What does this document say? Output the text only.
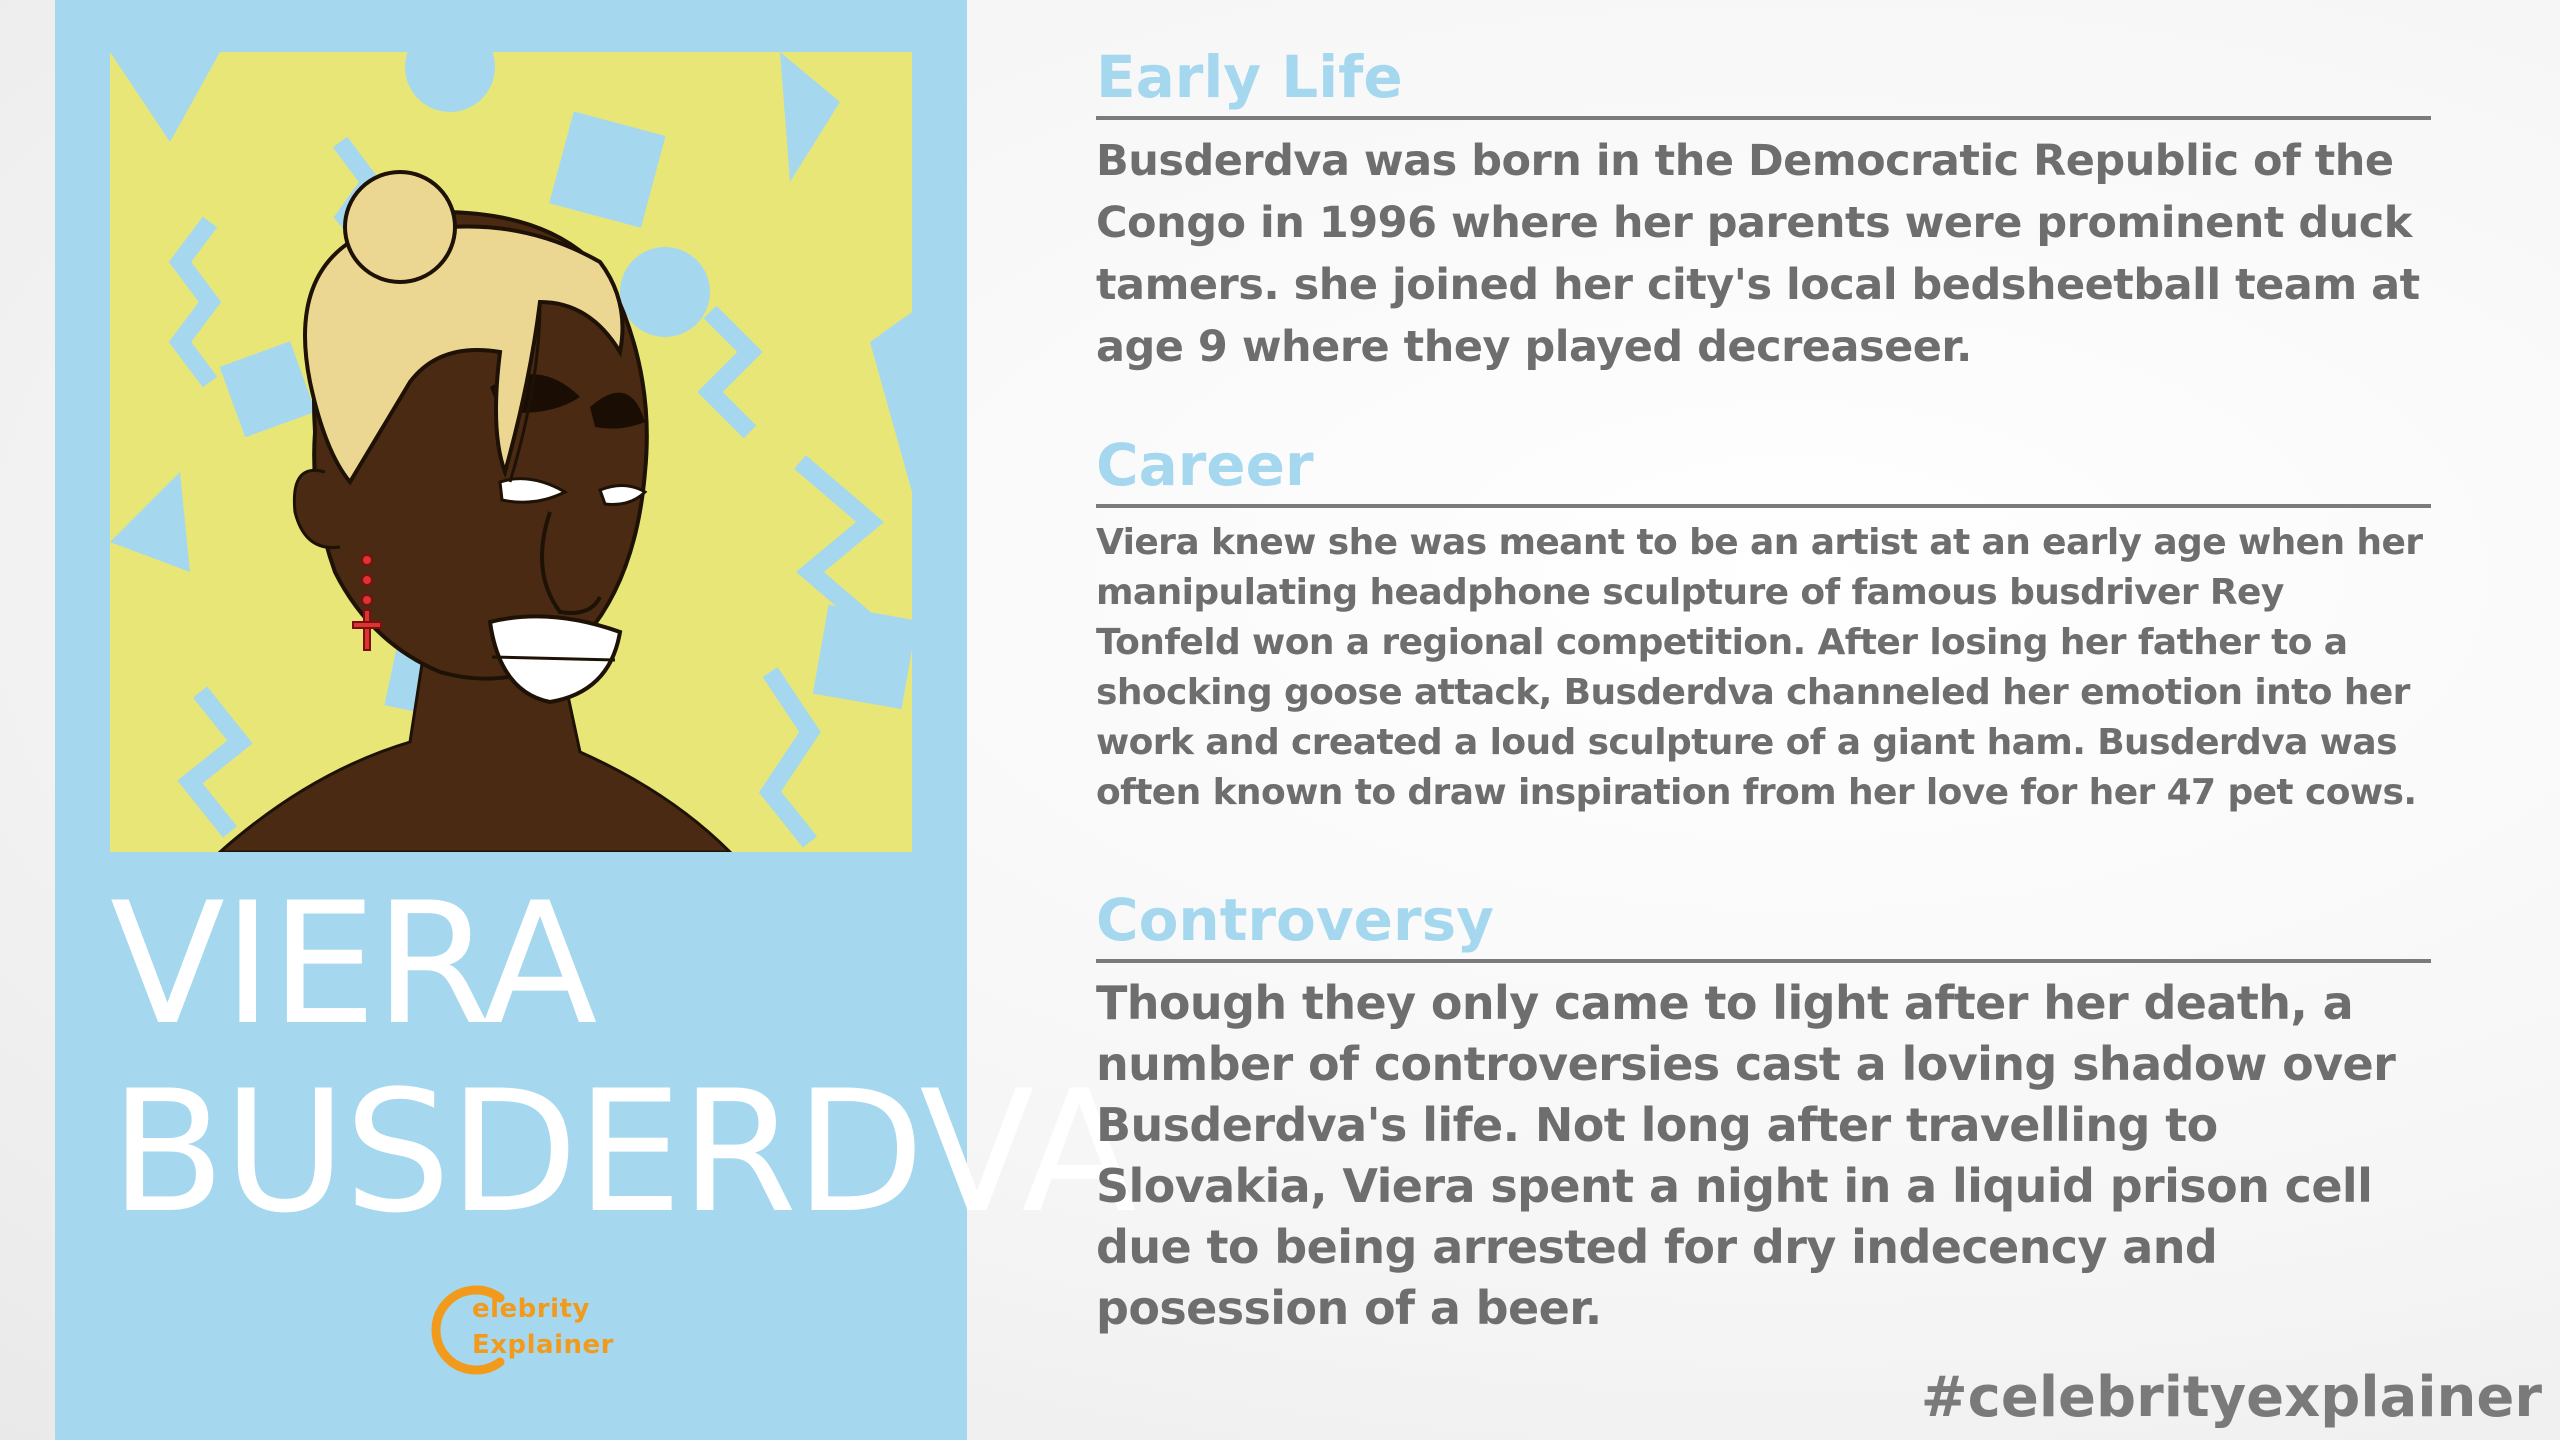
VIERA
BUSDERDVA
elebrity
Explainer
Early Life

Busderdva was born in the Democratic Republic of the Congo in 1996 where her parents were prominent duck tamers. she joined her city's local bedsheetball team at age 9 where they played decreaseer.

Career

Viera knew she was meant to be an artist at an early age when her manipulating headphone sculpture of famous busdriver Rey Tonfeld won a regional competition. After losing her father to a shocking goose attack, Busderdva channeled her emotion into her work and created a loud sculpture of a giant ham. Busderdva was often known to draw inspiration from her love for her 47 pet cows.

Controversy

Though they only came to light after her death, a number of controversies cast a loving shadow over Busderdva's life. Not long after travelling to Slovakia, Viera spent a night in a liquid prison cell due to being arrested for dry indecency and posession of a beer.

#celebrityexplainer
